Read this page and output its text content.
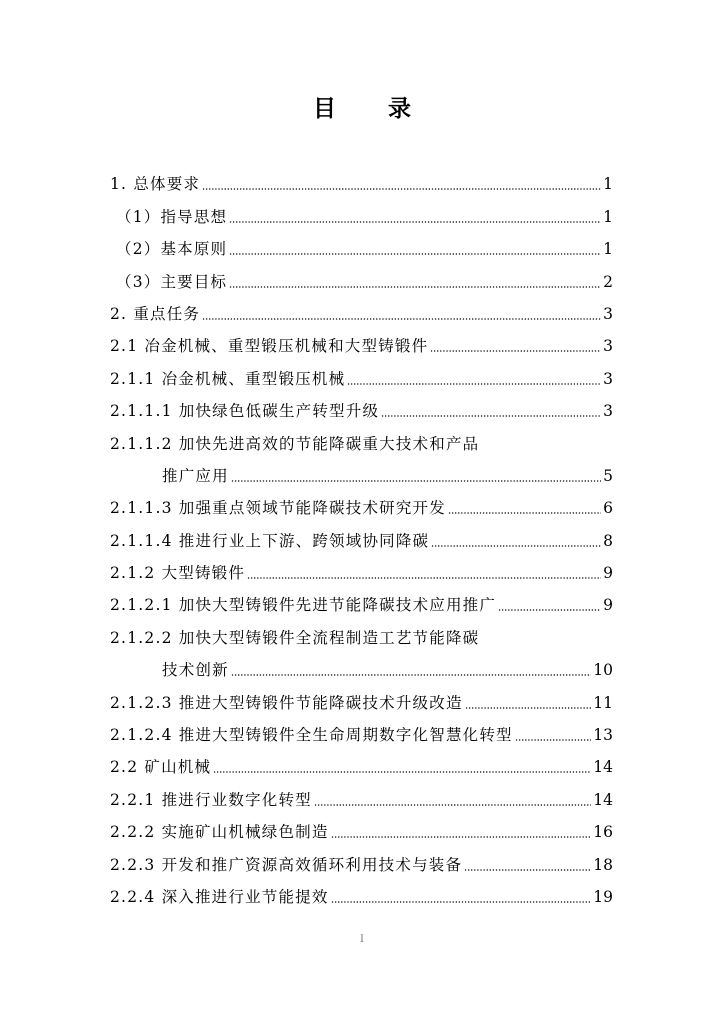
目 录
1. 总体要求	1
（1）指导思想	1
（2）基本原则	1
（3）主要目标	2
2. 重点任务	3
2.1 冶金机械、重型锻压机械和大型铸锻件	3
2.1.1 冶金机械、重型锻压机械	3
2.1.1.1 加快绿色低碳生产转型升级	3
2.1.1.2 加快先进高效的节能降碳重大技术和产品
推广应用	5
2.1.1.3 加强重点领域节能降碳技术研究开发	6
2.1.1.4 推进行业上下游、跨领域协同降碳	8
2.1.2 大型铸锻件	9
2.1.2.1 加快大型铸锻件先进节能降碳技术应用推广	9
2.1.2.2 加快大型铸锻件全流程制造工艺节能降碳
技术创新	10
2.1.2.3 推进大型铸锻件节能降碳技术升级改造	11
2.1.2.4 推进大型铸锻件全生命周期数字化智慧化转型	13
2.2 矿山机械	14
2.2.1 推进行业数字化转型	14
2.2.2 实施矿山机械绿色制造	16
2.2.3 开发和推广资源高效循环利用技术与装备	18
2.2.4 深入推进行业节能提效	19
I
